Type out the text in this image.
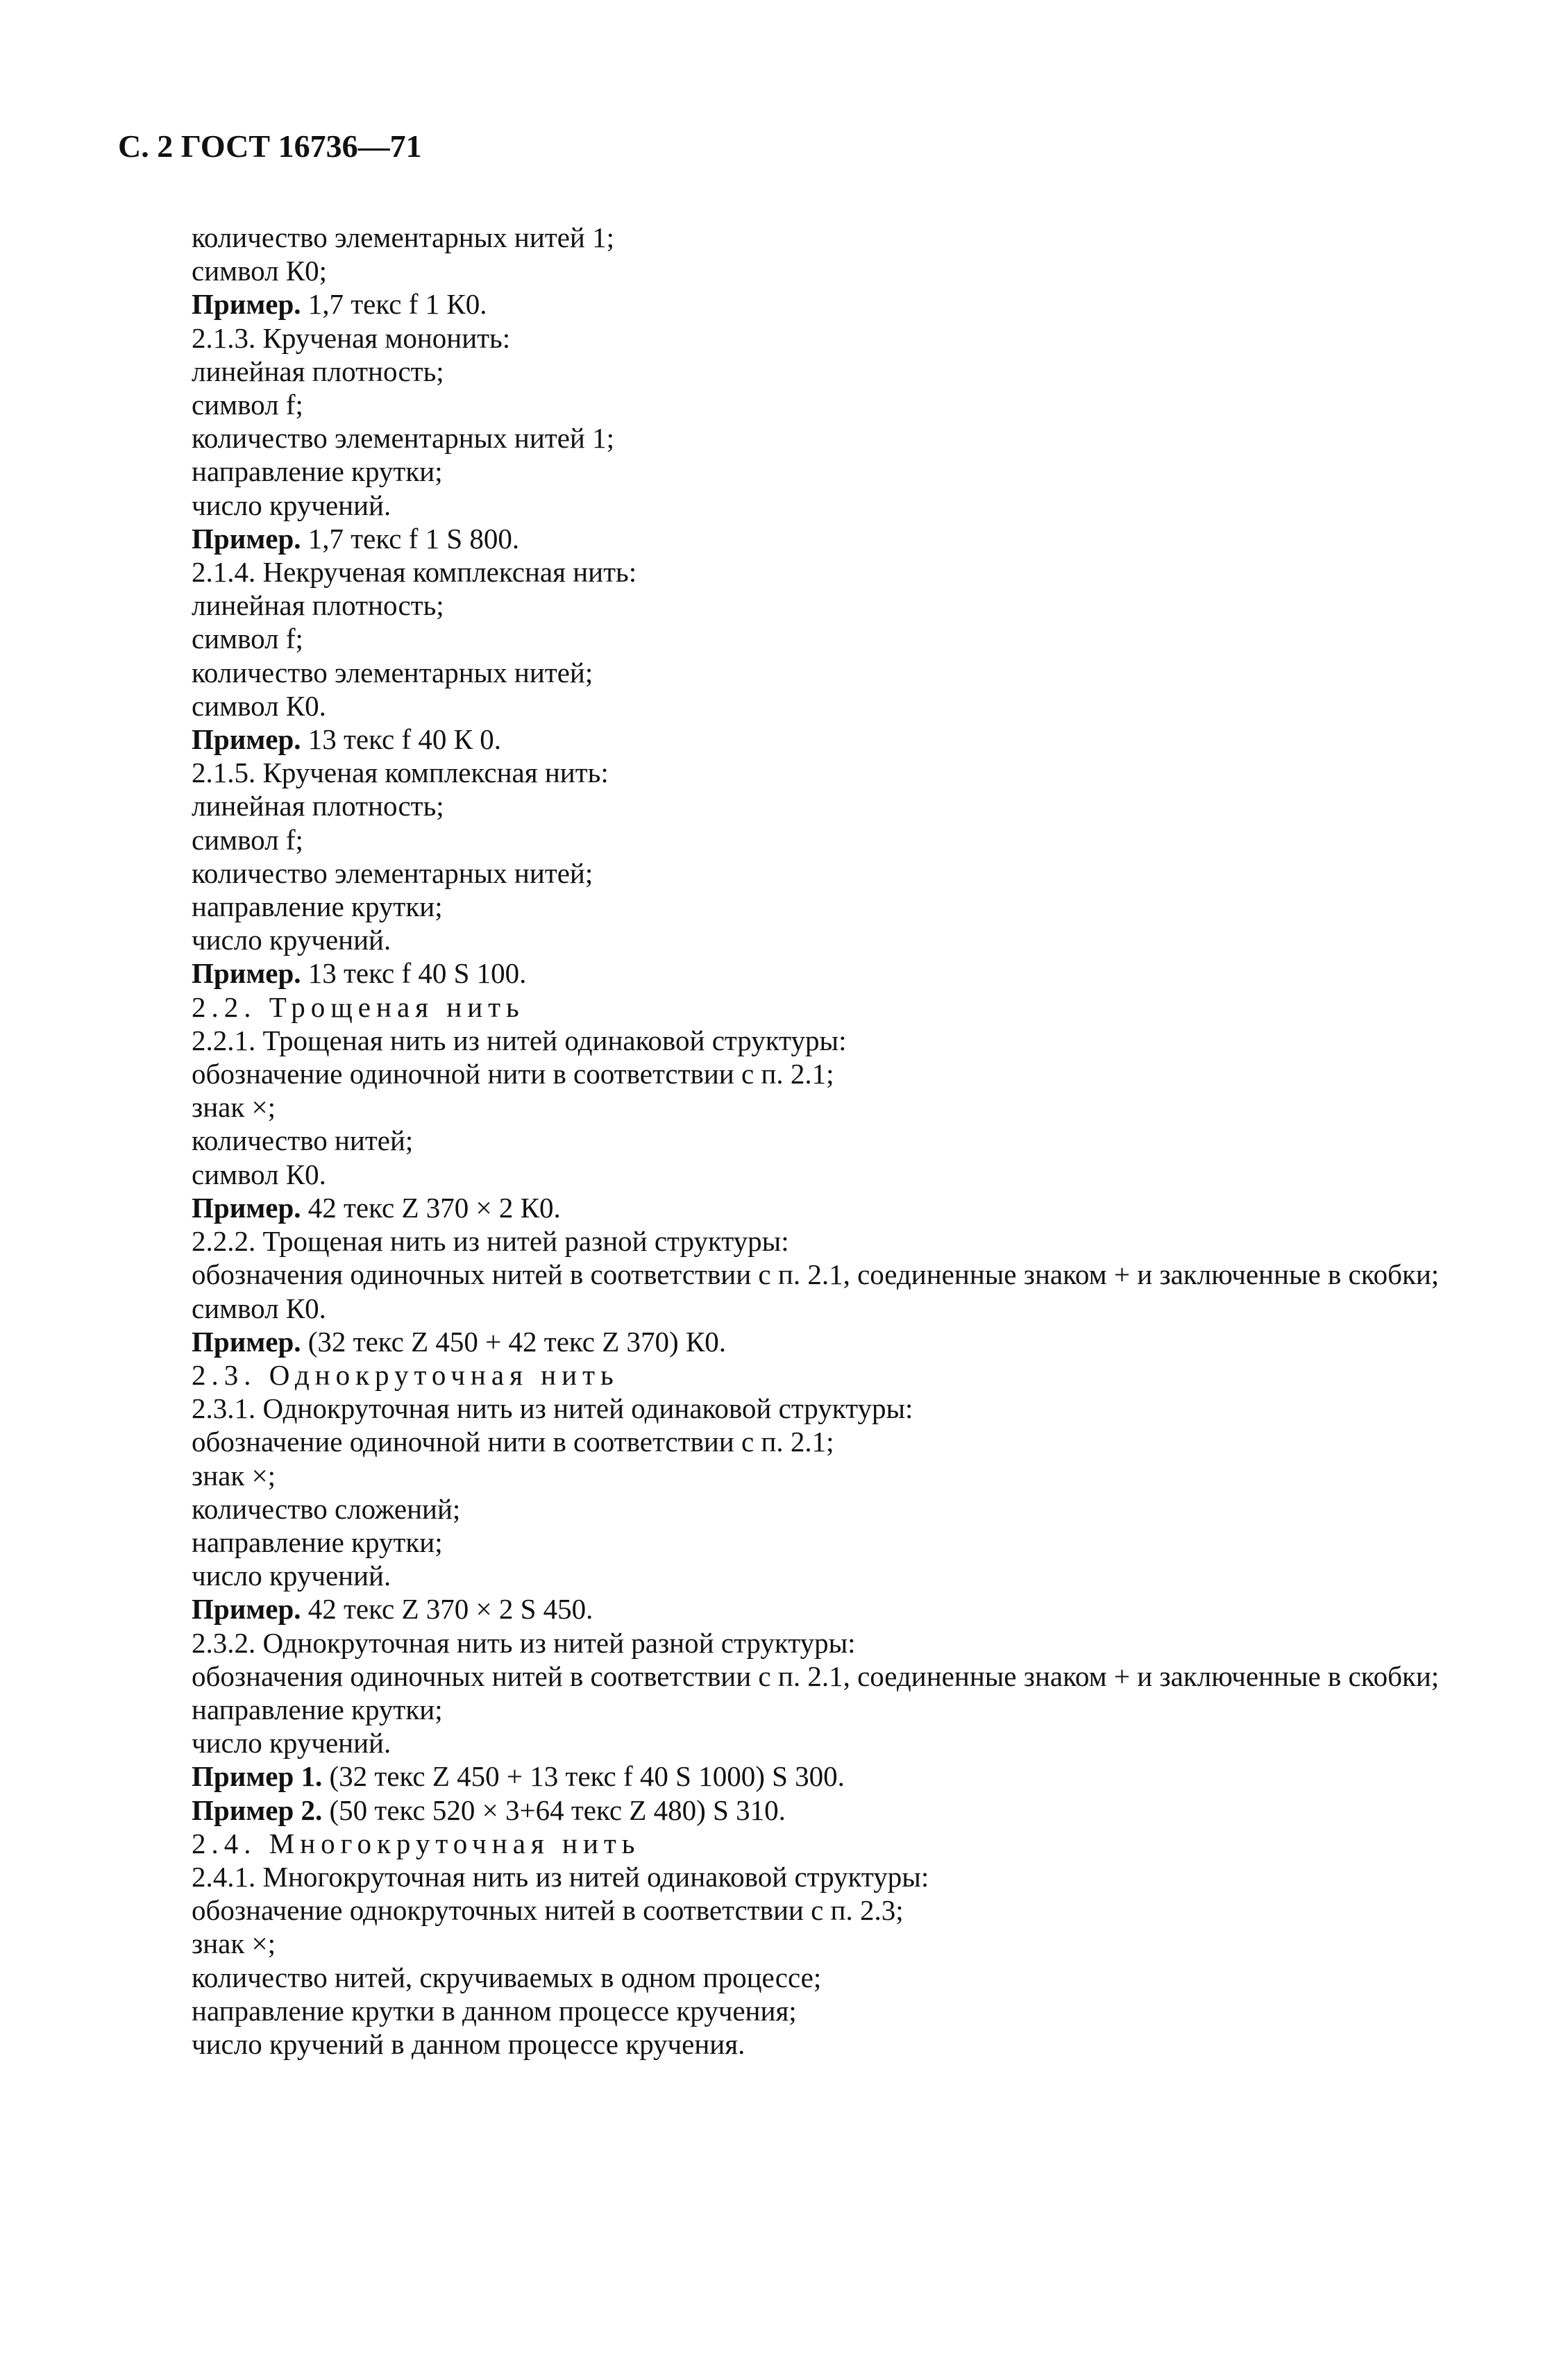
С. 2 ГОСТ 16736—71
количество элементарных нитей 1;
символ К0;
Пример. 1,7 текс f 1 К0.
2.1.3. Крученая мононить:
линейная плотность;
символ f;
количество элементарных нитей 1;
направление крутки;
число кручений.
Пример. 1,7 текс f 1 S 800.
2.1.4. Некрученая комплексная нить:
линейная плотность;
символ f;
количество элементарных нитей;
символ К0.
Пример. 13 текс f 40 К 0.
2.1.5. Крученая комплексная нить:
линейная плотность;
символ f;
количество элементарных нитей;
направление крутки;
число кручений.
Пример. 13 текс f 40 S 100.
2.2. Трощеная нить
2.2.1. Трощеная нить из нитей одинаковой структуры:
обозначение одиночной нити в соответствии с п. 2.1;
знак ×;
количество нитей;
символ К0.
Пример. 42 текс Z 370 × 2 К0.
2.2.2. Трощеная нить из нитей разной структуры:
обозначения одиночных нитей в соответствии с п. 2.1, соединенные знаком + и заключенные в скобки;
символ К0.
Пример. (32 текс Z 450 + 42 текс Z 370) К0.
2.3. Однокруточная нить
2.3.1. Однокруточная нить из нитей одинаковой структуры:
обозначение одиночной нити в соответствии с п. 2.1;
знак ×;
количество сложений;
направление крутки;
число кручений.
Пример. 42 текс Z 370 × 2 S 450.
2.3.2. Однокруточная нить из нитей разной структуры:
обозначения одиночных нитей в соответствии с п. 2.1, соединенные знаком + и заключенные в скобки;
направление крутки;
число кручений.
Пример 1. (32 текс Z 450 + 13 текс f 40 S 1000) S 300.
Пример 2. (50 текс 520 × 3+64 текс Z 480) S 310.
2.4. Многокруточная нить
2.4.1. Многокруточная нить из нитей одинаковой структуры:
обозначение однокруточных нитей в соответствии с п. 2.3;
знак ×;
количество нитей, скручиваемых в одном процессе;
направление крутки в данном процессе кручения;
число кручений в данном процессе кручения.
